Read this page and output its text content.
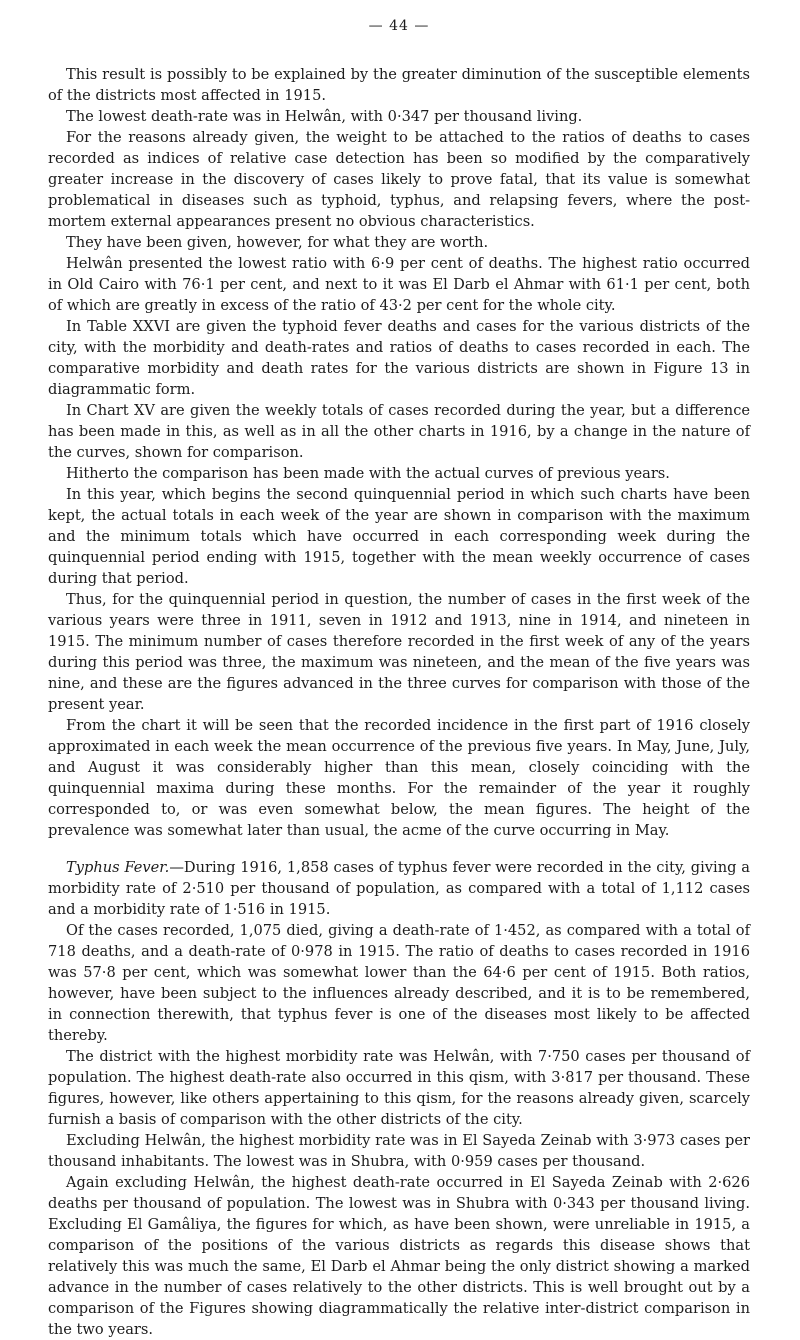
— 44 —

This result is possibly to be explained by the greater diminution of the susceptible elements of the districts most affected in 1915.

The lowest death-rate was in Helwân, with 0·347 per thousand living.

For the reasons already given, the weight to be attached to the ratios of deaths to cases recorded as indices of relative case detection has been so modified by the comparatively greater increase in the discovery of cases likely to prove fatal, that its value is somewhat problematical in diseases such as typhoid, typhus, and relapsing fevers, where the post-mortem external appearances present no obvious characteristics.

They have been given, however, for what they are worth.

Helwân presented the lowest ratio with 6·9 per cent of deaths. The highest ratio occurred in Old Cairo with 76·1 per cent, and next to it was El Darb el Ahmar with 61·1 per cent, both of which are greatly in excess of the ratio of 43·2 per cent for the whole city.

In Table XXVI are given the typhoid fever deaths and cases for the various districts of the city, with the morbidity and death-rates and ratios of deaths to cases recorded in each. The comparative morbidity and death rates for the various districts are shown in Figure 13 in diagrammatic form.

In Chart XV are given the weekly totals of cases recorded during the year, but a difference has been made in this, as well as in all the other charts in 1916, by a change in the nature of the curves, shown for comparison.

Hitherto the comparison has been made with the actual curves of previous years.

In this year, which begins the second quinquennial period in which such charts have been kept, the actual totals in each week of the year are shown in comparison with the maximum and the minimum totals which have occurred in each corresponding week during the quinquennial period ending with 1915, together with the mean weekly occurrence of cases during that period.

Thus, for the quinquennial period in question, the number of cases in the first week of the various years were three in 1911, seven in 1912 and 1913, nine in 1914, and nineteen in 1915. The minimum number of cases therefore recorded in the first week of any of the years during this period was three, the maximum was nineteen, and the mean of the five years was nine, and these are the figures advanced in the three curves for comparison with those of the present year.

From the chart it will be seen that the recorded incidence in the first part of 1916 closely approximated in each week the mean occurrence of the previous five years. In May, June, July, and August it was considerably higher than this mean, closely coinciding with the quinquennial maxima during these months. For the remainder of the year it roughly corresponded to, or was even somewhat below, the mean figures. The height of the prevalence was somewhat later than usual, the acme of the curve occurring in May.

Typhus Fever.—During 1916, 1,858 cases of typhus fever were recorded in the city, giving a morbidity rate of 2·510 per thousand of population, as compared with a total of 1,112 cases and a morbidity rate of 1·516 in 1915.

Of the cases recorded, 1,075 died, giving a death-rate of 1·452, as compared with a total of 718 deaths, and a death-rate of 0·978 in 1915. The ratio of deaths to cases recorded in 1916 was 57·8 per cent, which was somewhat lower than the 64·6 per cent of 1915. Both ratios, however, have been subject to the influences already described, and it is to be remembered, in connection therewith, that typhus fever is one of the diseases most likely to be affected thereby.

The district with the highest morbidity rate was Helwân, with 7·750 cases per thousand of population. The highest death-rate also occurred in this qism, with 3·817 per thousand. These figures, however, like others appertaining to this qism, for the reasons already given, scarcely furnish a basis of comparison with the other districts of the city.

Excluding Helwân, the highest morbidity rate was in El Sayeda Zeinab with 3·973 cases per thousand inhabitants. The lowest was in Shubra, with 0·959 cases per thousand.

Again excluding Helwân, the highest death-rate occurred in El Sayeda Zeinab with 2·626 deaths per thousand of population. The lowest was in Shubra with 0·343 per thousand living. Excluding El Gamâliya, the figures for which, as have been shown, were unreliable in 1915, a comparison of the positions of the various districts as regards this disease shows that relatively this was much the same, El Darb el Ahmar being the only district showing a marked advance in the number of cases relatively to the other districts. This is well brought out by a comparison of the Figures showing diagrammatically the relative inter-district comparison in the two years.
